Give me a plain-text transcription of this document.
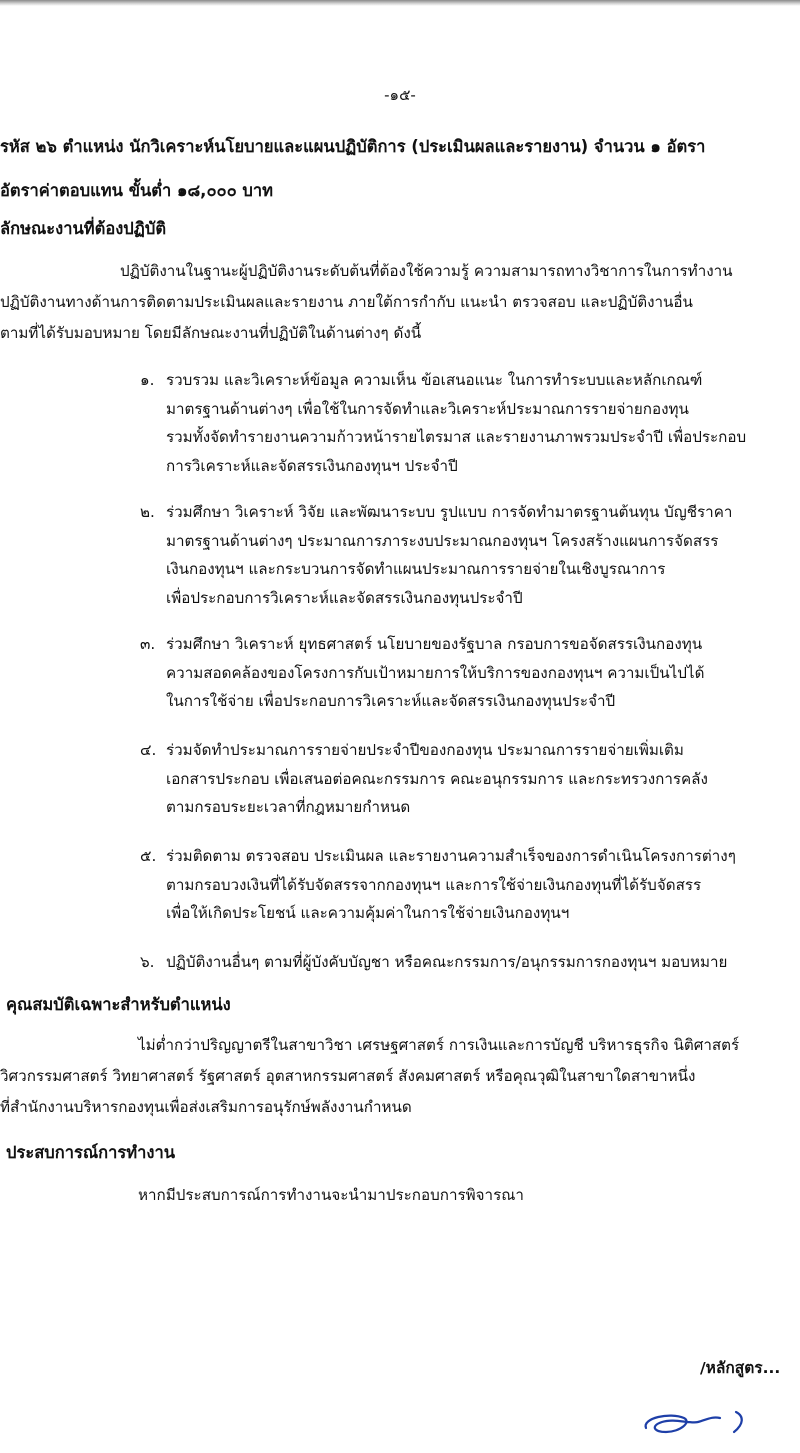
-๑๕-
รหัส ๒๖ ตำแหน่ง นักวิเคราะห์นโยบายและแผนปฏิบัติการ (ประเมินผลและรายงาน) จำนวน ๑ อัตรา
อัตราค่าตอบแทน ขั้นต่ำ ๑๘,๐๐๐ บาท
ลักษณะงานที่ต้องปฏิบัติ
ปฏิบัติงานในฐานะผู้ปฏิบัติงานระดับต้นที่ต้องใช้ความรู้ ความสามารถทางวิชาการในการทำงาน
ปฏิบัติงานทางด้านการติดตามประเมินผลและรายงาน ภายใต้การกำกับ แนะนำ ตรวจสอบ และปฏิบัติงานอื่น
ตามที่ได้รับมอบหมาย โดยมีลักษณะงานที่ปฏิบัติในด้านต่างๆ ดังนี้
๑. รวบรวม และวิเคราะห์ข้อมูล ความเห็น ข้อเสนอแนะ ในการทำระบบและหลักเกณฑ์
มาตรฐานด้านต่างๆ เพื่อใช้ในการจัดทำและวิเคราะห์ประมาณการรายจ่ายกองทุน
รวมทั้งจัดทำรายงานความก้าวหน้ารายไตรมาส และรายงานภาพรวมประจำปี เพื่อประกอบ
การวิเคราะห์และจัดสรรเงินกองทุนฯ ประจำปี
๒. ร่วมศึกษา วิเคราะห์ วิจัย และพัฒนาระบบ รูปแบบ การจัดทำมาตรฐานต้นทุน บัญชีราคา
มาตรฐานด้านต่างๆ ประมาณการภาระงบประมาณกองทุนฯ โครงสร้างแผนการจัดสรร
เงินกองทุนฯ และกระบวนการจัดทำแผนประมาณการรายจ่ายในเชิงบูรณาการ
เพื่อประกอบการวิเคราะห์และจัดสรรเงินกองทุนประจำปี
๓. ร่วมศึกษา วิเคราะห์ ยุทธศาสตร์ นโยบายของรัฐบาล กรอบการขอจัดสรรเงินกองทุน
ความสอดคล้องของโครงการกับเป้าหมายการให้บริการของกองทุนฯ ความเป็นไปได้
ในการใช้จ่าย เพื่อประกอบการวิเคราะห์และจัดสรรเงินกองทุนประจำปี
๔. ร่วมจัดทำประมาณการรายจ่ายประจำปีของกองทุน ประมาณการรายจ่ายเพิ่มเติม
เอกสารประกอบ เพื่อเสนอต่อคณะกรรมการ คณะอนุกรรมการ และกระทรวงการคลัง
ตามกรอบระยะเวลาที่กฎหมายกำหนด
๕. ร่วมติดตาม ตรวจสอบ ประเมินผล และรายงานความสำเร็จของการดำเนินโครงการต่างๆ
ตามกรอบวงเงินที่ได้รับจัดสรรจากกองทุนฯ และการใช้จ่ายเงินกองทุนที่ได้รับจัดสรร
เพื่อให้เกิดประโยชน์ และความคุ้มค่าในการใช้จ่ายเงินกองทุนฯ
๖. ปฏิบัติงานอื่นๆ ตามที่ผู้บังคับบัญชา หรือคณะกรรมการ/อนุกรรมการกองทุนฯ มอบหมาย
คุณสมบัติเฉพาะสำหรับตำแหน่ง
ไม่ต่ำกว่าปริญญาตรีในสาขาวิชา เศรษฐศาสตร์ การเงินและการบัญชี บริหารธุรกิจ นิติศาสตร์
วิศวกรรมศาสตร์ วิทยาศาสตร์ รัฐศาสตร์ อุตสาหกรรมศาสตร์ สังคมศาสตร์ หรือคุณวุฒิในสาขาใดสาขาหนึ่ง
ที่สำนักงานบริหารกองทุนเพื่อส่งเสริมการอนุรักษ์พลังงานกำหนด
ประสบการณ์การทำงาน
หากมีประสบการณ์การทำงานจะนำมาประกอบการพิจารณา
/หลักสูตร...
